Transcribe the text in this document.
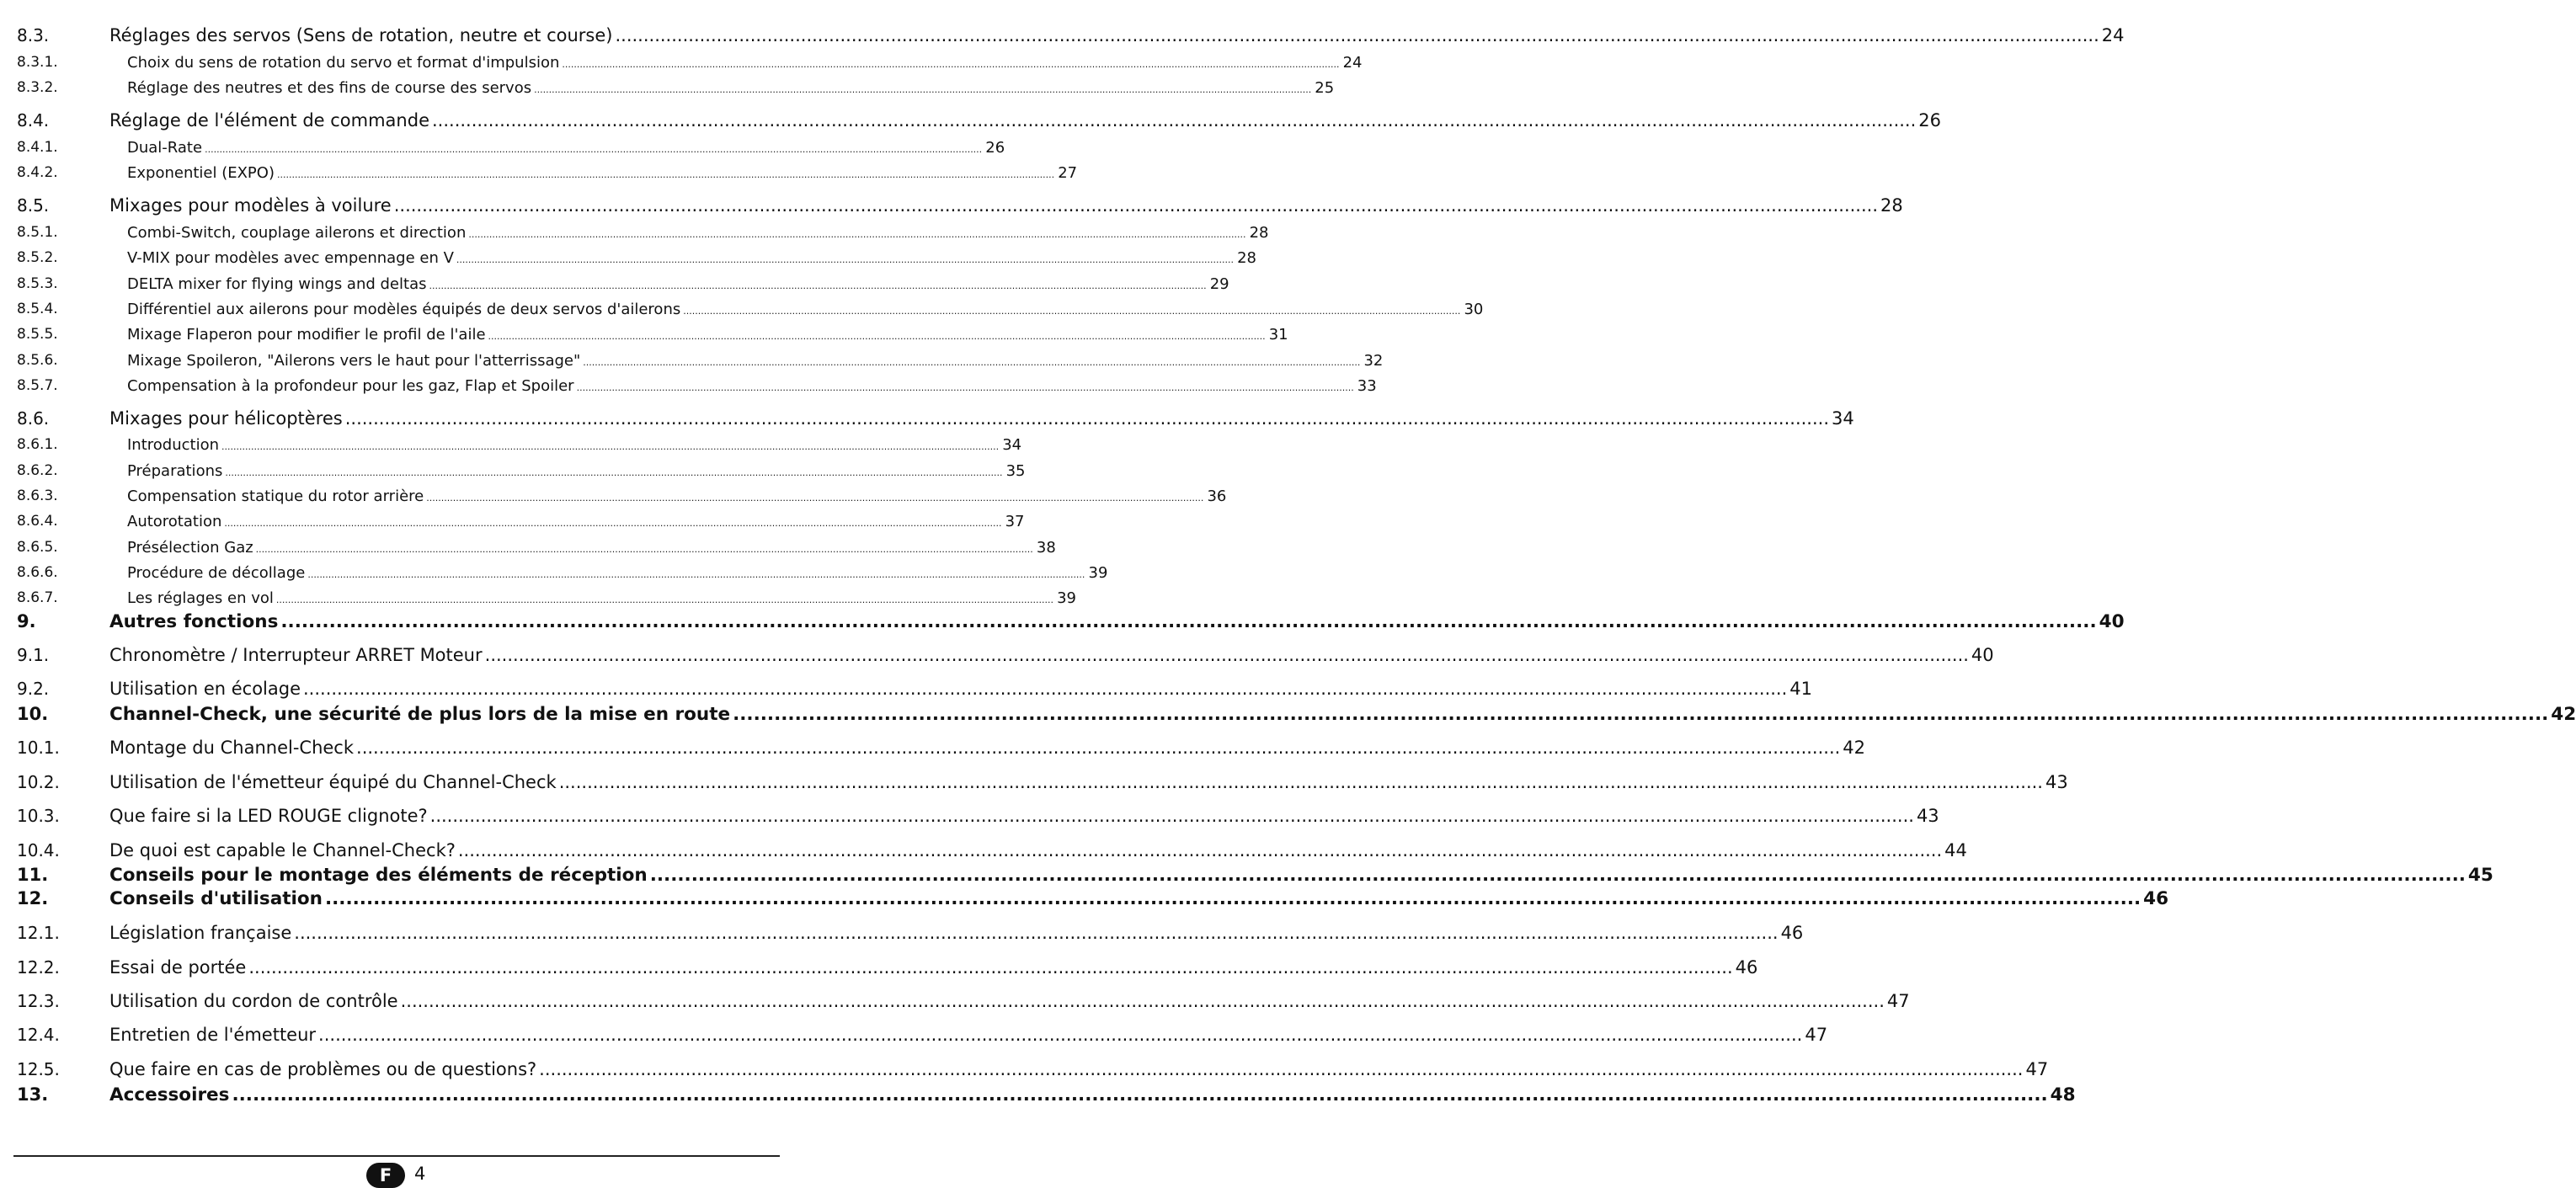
8.3.	Réglages des servos (Sens de rotation, neutre et course) .....	24
8.3.1.	Choix du sens de rotation du servo et format d'impulsion .....	24
8.3.2.	Réglage des neutres et des fins de course des servos .....	25
8.4.	Réglage de l'élément de commande .....	26
8.4.1.	Dual-Rate .....	26
8.4.2.	Exponentiel (EXPO) .....	27
8.5.	Mixages pour modèles à voilure .....	28
8.5.1.	Combi-Switch, couplage ailerons et direction .....	28
8.5.2.	V-MIX pour modèles avec empennage en V .....	28
8.5.3.	DELTA mixer for flying wings and deltas .....	29
8.5.4.	Différentiel aux ailerons pour modèles équipés de deux servos d'ailerons .....	30
8.5.5.	Mixage Flaperon pour modifier le profil de l'aile .....	31
8.5.6.	Mixage Spoileron, "Ailerons vers le haut pour l'atterrissage" .....	32
8.5.7.	Compensation à la profondeur pour les gaz, Flap et Spoiler .....	33
8.6.	Mixages pour hélicoptères .....	34
8.6.1.	Introduction .....	34
8.6.2.	Préparations .....	35
8.6.3.	Compensation statique du rotor arrière .....	36
8.6.4.	Autorotation .....	37
8.6.5.	Présélection Gaz .....	38
8.6.6.	Procédure de décollage .....	39
8.6.7.	Les réglages en vol .....	39
9.	Autres fonctions .....	40
9.1.	Chronomètre / Interrupteur ARRET Moteur .....	40
9.2.	Utilisation en écolage .....	41
10.	Channel-Check, une sécurité de plus lors de la mise en route .....	42
10.1.	Montage du Channel-Check .....	42
10.2.	Utilisation de l'émetteur équipé du Channel-Check .....	43
10.3.	Que faire si la LED ROUGE clignote? .....	43
10.4.	De quoi est capable le Channel-Check? .....	44
11.	Conseils pour le montage des éléments de réception .....	45
12.	Conseils d'utilisation .....	46
12.1.	Législation française .....	46
12.2.	Essai de portée .....	46
12.3.	Utilisation du cordon de contrôle .....	47
12.4.	Entretien de l'émetteur .....	47
12.5.	Que faire en cas de problèmes ou de questions? .....	47
13.	Accessoires .....	48
F	4
